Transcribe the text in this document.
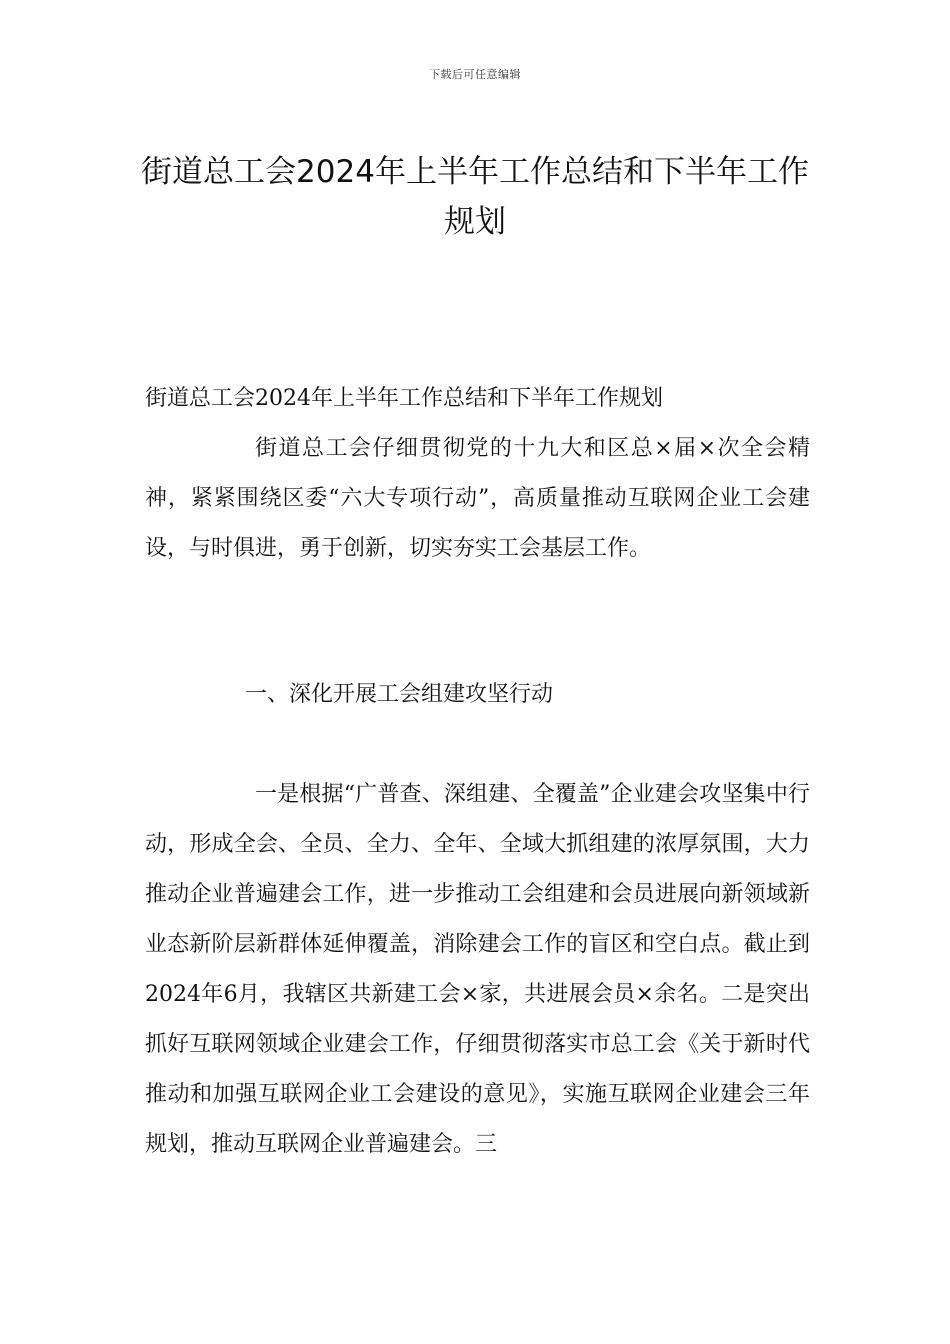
下载后可任意编辑
街道总工会2024年上半年工作总结和下半年工作规划
街道总工会2024年上半年工作总结和下半年工作规划

街道总工会仔细贯彻党的十九大和区总×届×次全会精神，紧紧围绕区委“六大专项行动”，高质量推动互联网企业工会建设，与时俱进，勇于创新，切实夯实工会基层工作。

一、深化开展工会组建攻坚行动

一是根据“广普查、深组建、全覆盖”企业建会攻坚集中行动，形成全会、全员、全力、全年、全域大抓组建的浓厚氛围，大力推动企业普遍建会工作，进一步推动工会组建和会员进展向新领域新业态新阶层新群体延伸覆盖，消除建会工作的盲区和空白点。截止到2024年6月，我辖区共新建工会×家，共进展会员×余名。二是突出抓好互联网领域企业建会工作，仔细贯彻落实市总工会《关于新时代推动和加强互联网企业工会建设的意见》，实施互联网企业建会三年规划，推动互联网企业普遍建会。三
